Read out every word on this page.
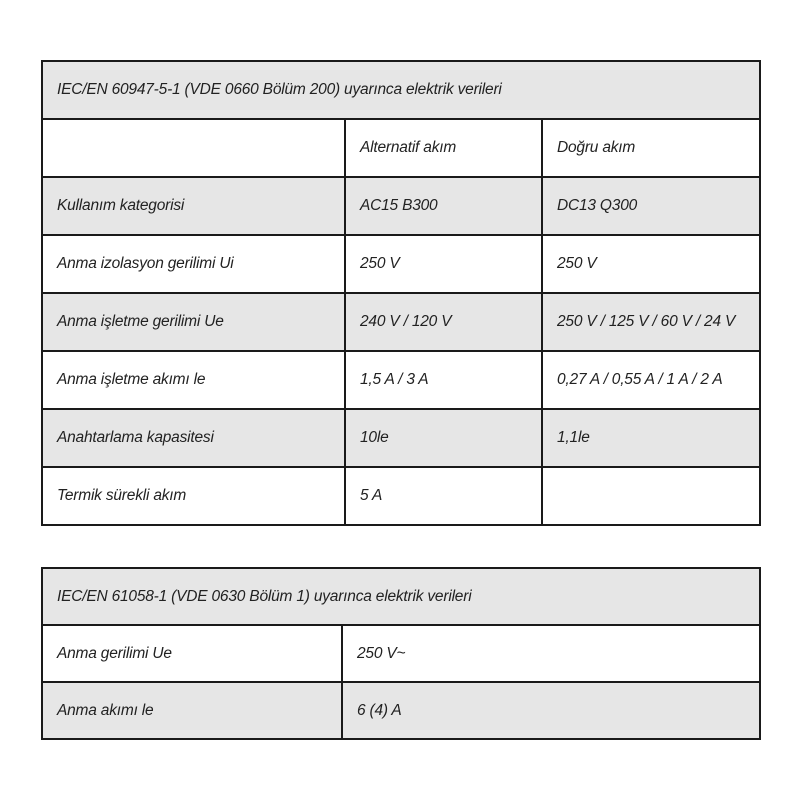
IEC/EN 60947-5-1 (VDE 0660 Bölüm 200) uyarınca elektrik verileri		
	Alternatif akım	Doğru akım
Kullanım kategorisi	AC15 B300	DC13 Q300
Anma izolasyon gerilimi Ui	250 V	250 V
Anma işletme gerilimi Ue	240 V / 120 V	250 V / 125 V / 60 V / 24 V
Anma işletme akımı le	1,5 A / 3 A	0,27 A / 0,55 A / 1 A / 2 A
Anahtarlama kapasitesi	10le	1,1le
Termik sürekli akım	5 A	
IEC/EN 61058-1 (VDE 0630 Bölüm 1) uyarınca elektrik verileri	
Anma gerilimi Ue	250 V~
Anma akımı le	6 (4) A
